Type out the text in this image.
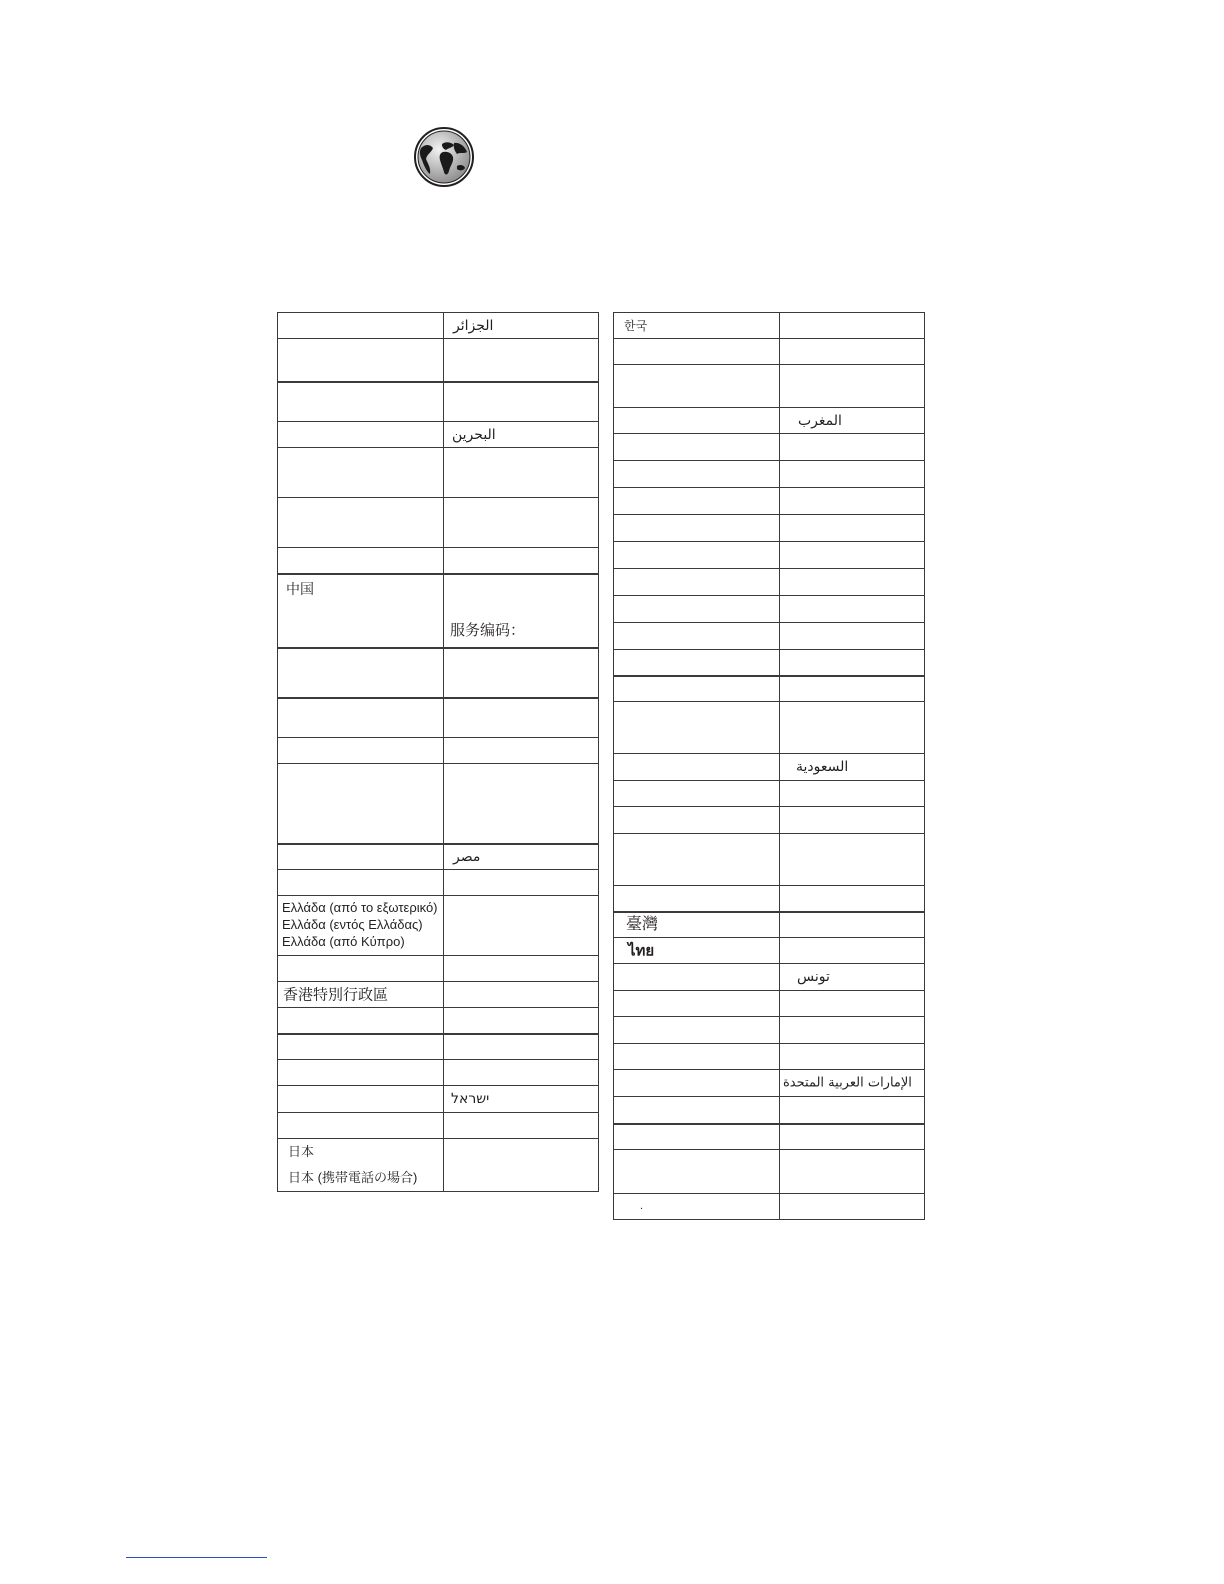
الجزائر
البحرين
中国
服务编码：
مصر
Ελλάδα (από το εξωτερικό)
Ελλάδα (εντός Ελλάδας)
Ελλάδα (από Κύπρο)
香港特別行政區
ישראל
日本
日本 (携帯電話の場合)
한국
المغرب
السعودية
臺灣
ไทย
تونس
الإمارات العربية المتحدة
.
